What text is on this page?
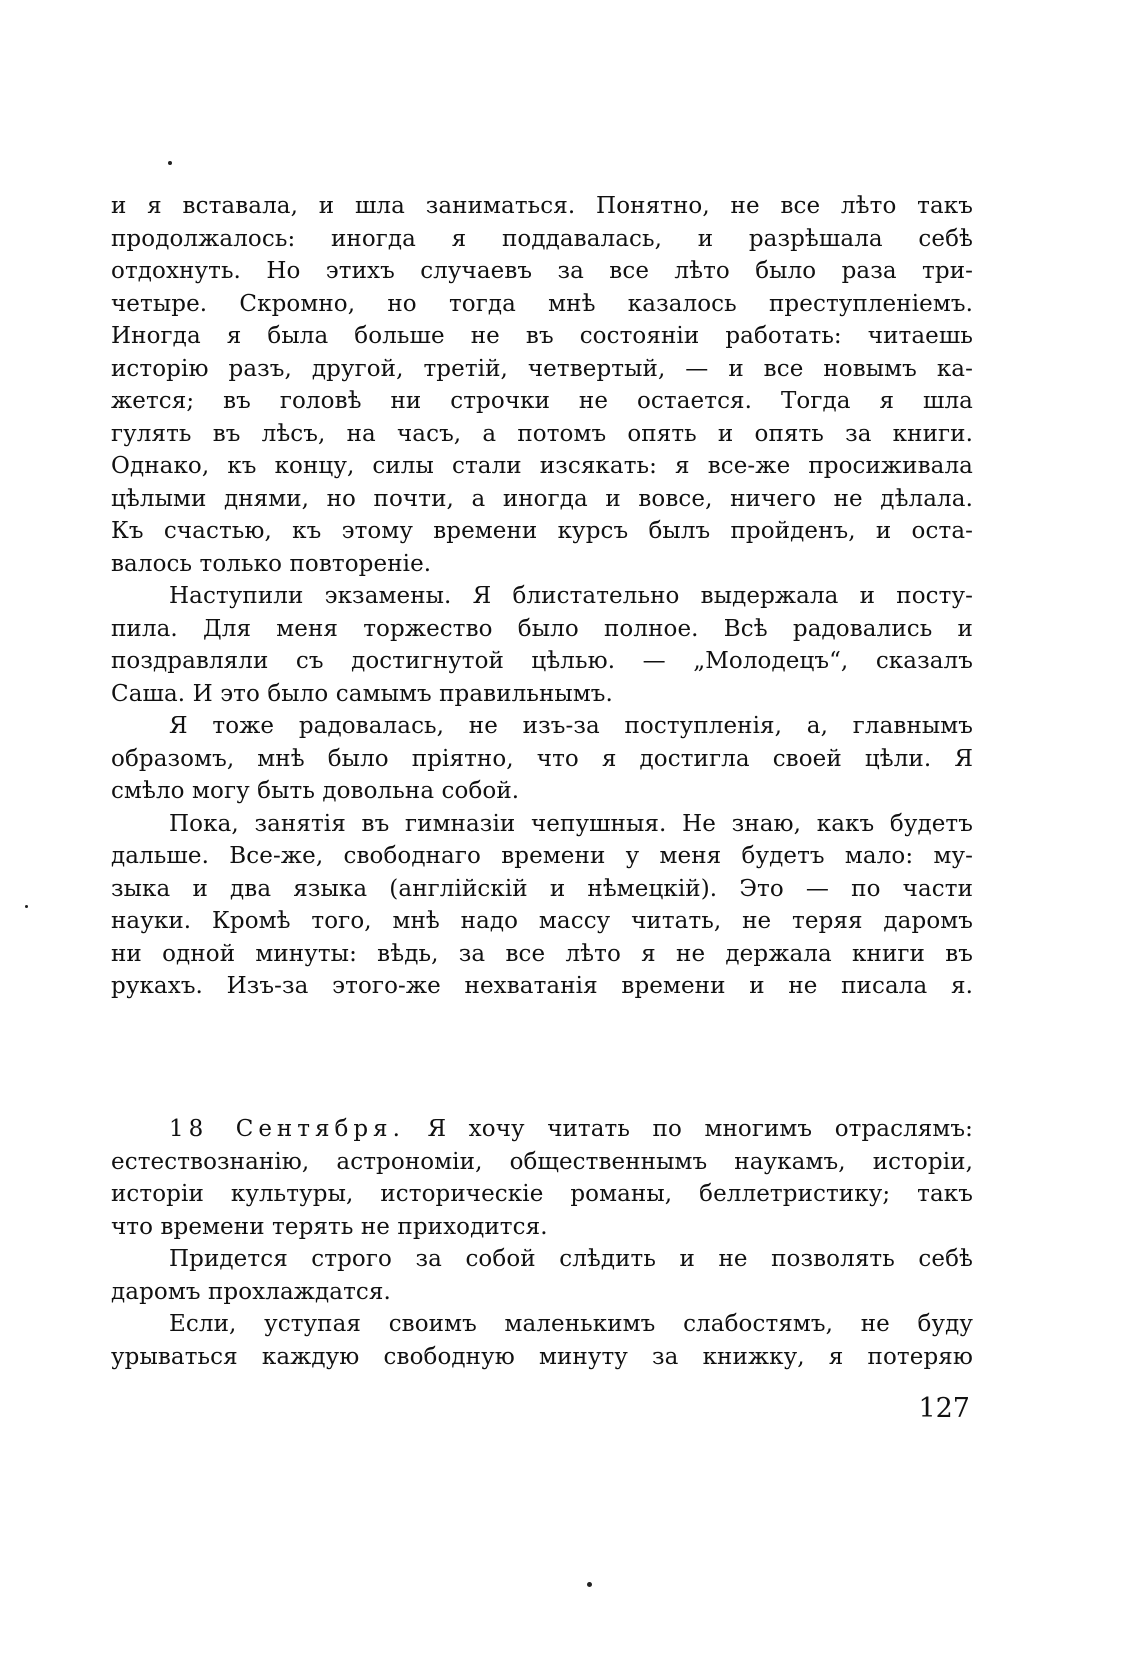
и я вставала, и шла заниматься. Понятно, не все лѣто такъ
продолжалось: иногда я поддавалась, и разрѣшала себѣ
отдохнуть. Но этихъ случаевъ за все лѣто было раза три-
четыре. Скромно, но тогда мнѣ казалось преступленіемъ.
Иногда я была больше не въ состояніи работать: читаешь
исторію разъ, другой, третій, четвертый, — и все новымъ ка-
жется; въ головѣ ни строчки не остается. Тогда я шла
гулять въ лѣсъ, на часъ, а потомъ опять и опять за книги.
Однако, къ концу, силы стали изсякать: я все-же просиживала
цѣлыми днями, но почти, а иногда и вовсе, ничего не дѣлала.
Къ счастью, къ этому времени курсъ былъ пройденъ, и оста-
валось только повтореніе.
Наступили экзамены. Я блистательно выдержала и посту-
пила. Для меня торжество было полное. Всѣ радовались и
поздравляли съ достигнутой цѣлью. — „Молодецъ“, сказалъ
Саша. И это было самымъ правильнымъ.
Я тоже радовалась, не изъ-за поступленія, а, главнымъ
образомъ, мнѣ было пріятно, что я достигла своей цѣли. Я
смѣло могу быть довольна собой.
Пока, занятія въ гимназіи чепушныя. Не знаю, какъ будетъ
дальше. Все-же, свободнаго времени у меня будетъ мало: му-
зыка и два языка (англійскій и нѣмецкій). Это — по части
науки. Кромѣ того, мнѣ надо массу читать, не теряя даромъ
ни одной минуты: вѣдь, за все лѣто я не держала книги въ
рукахъ. Изъ-за этого-же нехватанія времени и не писала я.
18 Сентября. Я хочу читать по многимъ отраслямъ:
естествознанію, астрономіи, общественнымъ наукамъ, исторіи,
исторіи культуры, историческіе романы, беллетристику; такъ
что времени терять не приходится.
Придется строго за собой слѣдить и не позволять себѣ
даромъ прохлаждатся.
Если, уступая своимъ маленькимъ слабостямъ, не буду
урываться каждую свободную минуту за книжку, я потеряю
127
